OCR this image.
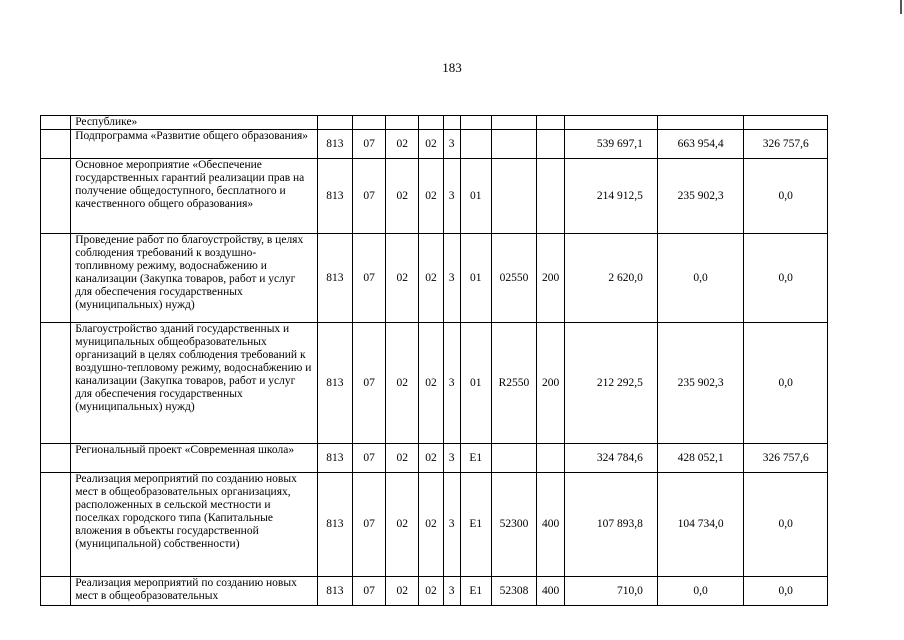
183
	Республике»											
	Подпрограмма «Развитие общего образования»	813	07	02	02	3				539 697,1	663 954,4	326 757,6
	Основное мероприятие «Обеспечение государственных гарантий реализации прав на получение общедоступного, бесплатного и качественного общего образования»	813	07	02	02	3	01			214 912,5	235 902,3	0,0
	Проведение работ по благоустройству, в целях соблюдения требований к воздушно-топливному режиму, водоснабжению и канализации (Закупка товаров, работ и услуг для обеспечения государственных (муниципальных) нужд)	813	07	02	02	3	01	02550	200	2 620,0	0,0	0,0
	Благоустройство зданий государственных и муниципальных общеобразовательных организаций в целях соблюдения требований к воздушно-тепловому режиму, водоснабжению и канализации (Закупка товаров, работ и услуг для обеспечения государственных (муниципальных) нужд)	813	07	02	02	3	01	R2550	200	212 292,5	235 902,3	0,0
	Региональный проект «Современная школа»	813	07	02	02	3	E1			324 784,6	428 052,1	326 757,6
	Реализация мероприятий по созданию новых мест в общеобразовательных организациях, расположенных в сельской местности и поселках городского типа (Капитальные вложения в объекты государственной (муниципальной) собственности)	813	07	02	02	3	E1	52300	400	107 893,8	104 734,0	0,0
	Реализация мероприятий по созданию новых мест в общеобразовательных	813	07	02	02	3	E1	52308	400	710,0	0,0	0,0
